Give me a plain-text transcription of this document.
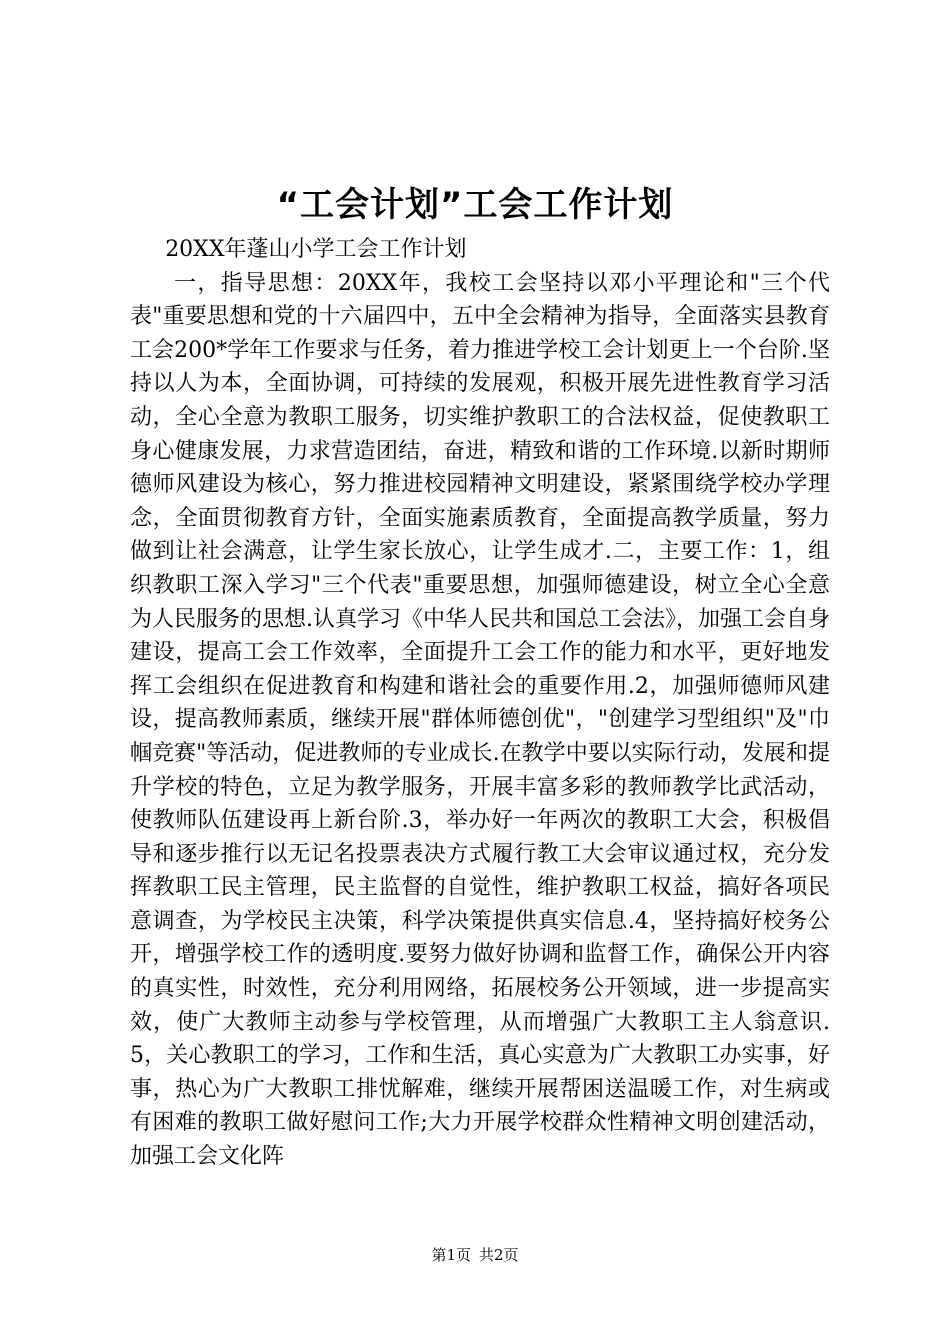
“工会计划”工会工作计划

20XX年蓬山小学工会工作计划

一，指导思想：20XX年，我校工会坚持以邓小平理论和"三个代表"重要思想和党的十六届四中，五中全会精神为指导，全面落实县教育工会200*学年工作要求与任务，着力推进学校工会计划更上一个台阶.坚持以人为本，全面协调，可持续的发展观，积极开展先进性教育学习活动，全心全意为教职工服务，切实维护教职工的合法权益，促使教职工身心健康发展，力求营造团结，奋进，精致和谐的工作环境.以新时期师德师风建设为核心，努力推进校园精神文明建设，紧紧围绕学校办学理念，全面贯彻教育方针，全面实施素质教育，全面提高教学质量，努力做到让社会满意，让学生家长放心，让学生成才.二，主要工作：1，组织教职工深入学习"三个代表"重要思想，加强师德建设，树立全心全意为人民服务的思想.认真学习《中华人民共和国总工会法》，加强工会自身建设，提高工会工作效率，全面提升工会工作的能力和水平，更好地发挥工会组织在促进教育和构建和谐社会的重要作用.2，加强师德师风建设，提高教师素质，继续开展"群体师德创优"，"创建学习型组织"及"巾帼竞赛"等活动，促进教师的专业成长.在教学中要以实际行动，发展和提升学校的特色，立足为教学服务，开展丰富多彩的教师教学比武活动，使教师队伍建设再上新台阶.3，举办好一年两次的教职工大会，积极倡导和逐步推行以无记名投票表决方式履行教工大会审议通过权，充分发挥教职工民主管理，民主监督的自觉性，维护教职工权益，搞好各项民意调查，为学校民主决策，科学决策提供真实信息.4，坚持搞好校务公开，增强学校工作的透明度.要努力做好协调和监督工作，确保公开内容的真实性，时效性，充分利用网络，拓展校务公开领域，进一步提高实效，使广大教师主动参与学校管理，从而增强广大教职工主人翁意识.5，关心教职工的学习，工作和生活，真心实意为广大教职工办实事，好事，热心为广大教职工排忧解难，继续开展帮困送温暖工作，对生病或有困难的教职工做好慰问工作;大力开展学校群众性精神文明创建活动，加强工会文化阵

第1页 共2页
